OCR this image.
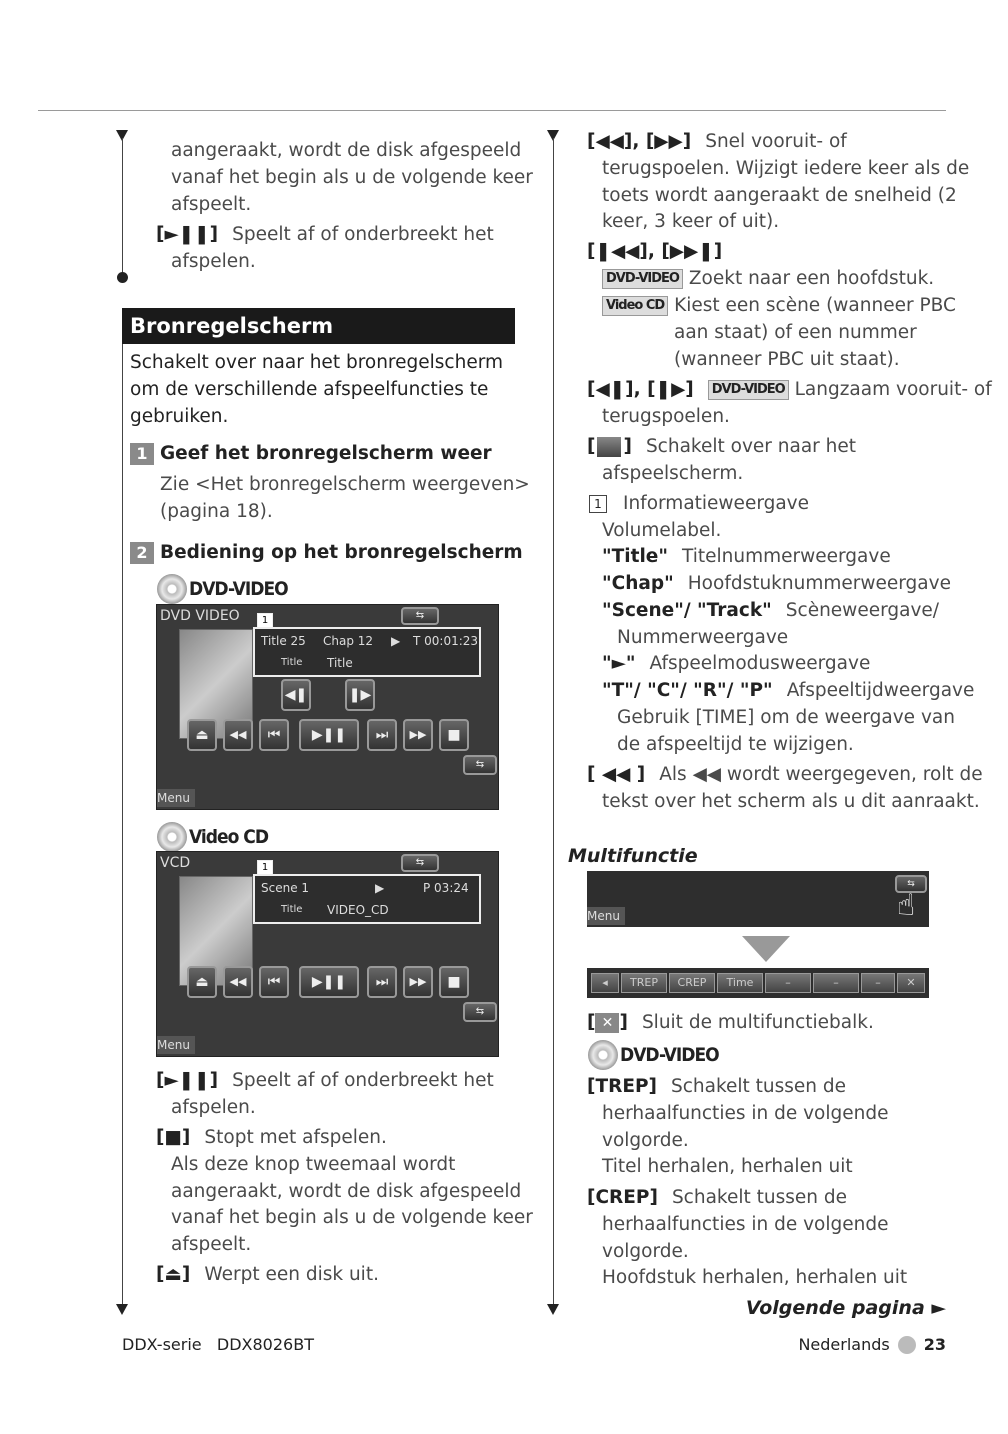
aangeraakt, wordt de disk afgespeeld
vanaf het begin als u de volgende keer
afspeelt.
[►❚❚] Speelt af of onderbreekt het
afspelen.
Bronregelscherm
Schakelt over naar het bronregelscherm
om de verschillende afspeelfuncties te
gebruiken.
1 Geef het bronregelscherm weer
Zie <Het bronregelscherm weergeven>
(pagina 18).
2 Bediening op het bronregelscherm
DVD-VIDEO
DVD VIDEO	⇆
1
Title 25 Chap 12 ▶ T 00:01:23
Title Title
◀❚	❚▶
⏏	◀◀	⏮	▶❚❚	⏭	▶▶	■
⇆
Menu
Video CD
VCD	⇆
1
Scene 1	▶	P 03:24
Title VIDEO_CD
⏏	◀◀	⏮	▶❚❚	⏭	▶▶	■
⇆
Menu
[►❚❚] Speelt af of onderbreekt het
afspelen.
[■] Stopt met afspelen.
Als deze knop tweemaal wordt
aangeraakt, wordt de disk afgespeeld
vanaf het begin als u de volgende keer
afspeelt.
[⏏] Werpt een disk uit.
[◀◀], [▶▶] Snel vooruit- of
terugspoelen. Wijzigt iedere keer als de
toets wordt aangeraakt de snelheid (2
keer, 3 keer of uit).
[❚◀◀], [▶▶❚]
DVD-VIDEO Zoekt naar een hoofdstuk.
Video CD Kiest een scène (wanneer PBC
aan staat) of een nummer
(wanneer PBC uit staat).
[◀❚], [❚▶] DVD-VIDEO Langzaam vooruit- of
terugspoelen.
[ ] Schakelt over naar het
afspeelscherm.
1 Informatieweergave
Volumelabel.
"Title" Titelnummerweergave
"Chap" Hoofdstuknummerweergave
"Scene"/ "Track" Scèneweergave/
Nummerweergave
"►" Afspeelmodusweergave
"T"/ "C"/ "R"/ "P" Afspeeltijdweergave
Gebruik [TIME] om de weergave van
de afspeeltijd te wijzigen.
[ ◀◀ ] Als ◀◀ wordt weergegeven, rolt de
tekst over het scherm als u dit aanraakt.
Multifunctie
Menu
⇆
☝
◂	TREP	CREP	Time	–	–	–	✕
[ ✕ ] Sluit de multifunctiebalk.
DVD-VIDEO
[TREP] Schakelt tussen de
herhaalfuncties in de volgende
volgorde.
Titel herhalen, herhalen uit
[CREP] Schakelt tussen de
herhaalfuncties in de volgende
volgorde.
Hoofdstuk herhalen, herhalen uit
Volgende pagina ►
DDX-serie DDX8026BT	Nederlands 23
